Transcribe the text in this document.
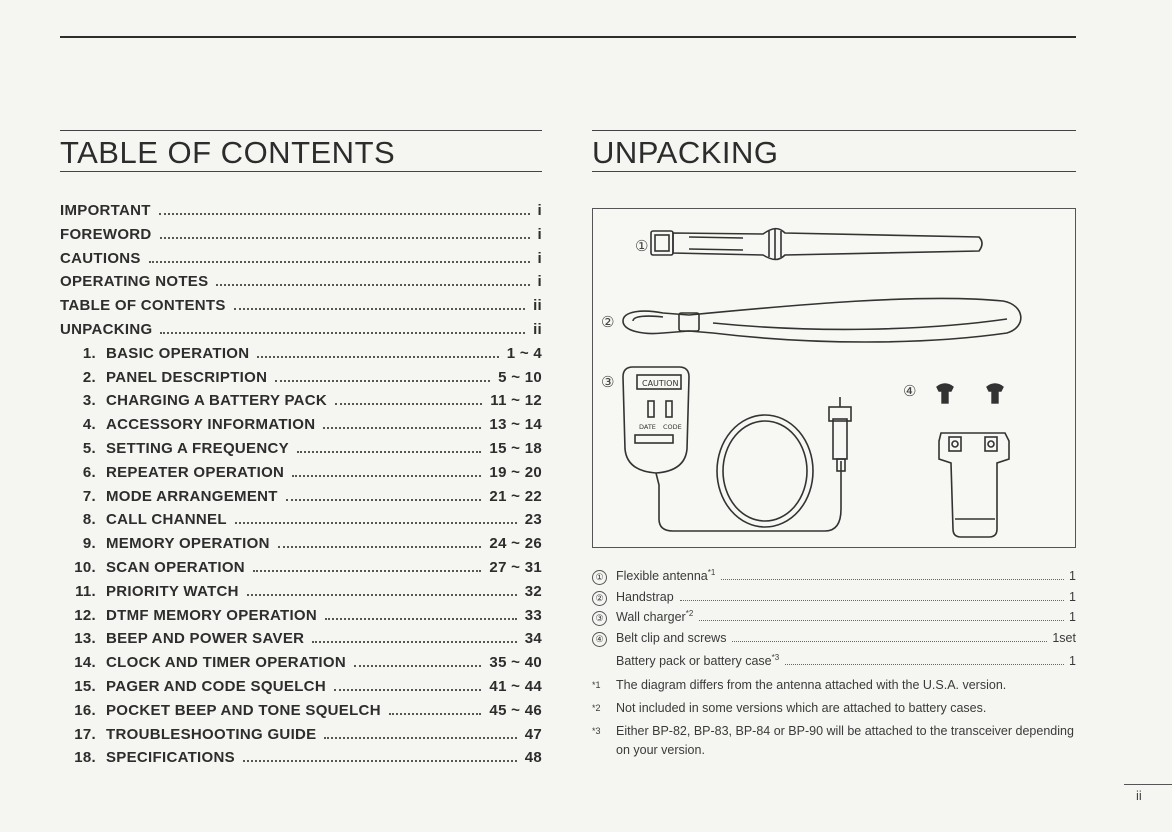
TABLE OF CONTENTS
IMPORTANT	i
FOREWORD	i
CAUTIONS	i
OPERATING NOTES	i
TABLE OF CONTENTS	ii
UNPACKING	ii
1. BASIC OPERATION	1 ~ 4
2. PANEL DESCRIPTION	5 ~ 10
3. CHARGING A BATTERY PACK	11 ~ 12
4. ACCESSORY INFORMATION	13 ~ 14
5. SETTING A FREQUENCY	15 ~ 18
6. REPEATER OPERATION	19 ~ 20
7. MODE ARRANGEMENT	21 ~ 22
8. CALL CHANNEL	23
9. MEMORY OPERATION	24 ~ 26
10. SCAN OPERATION	27 ~ 31
11. PRIORITY WATCH	32
12. DTMF MEMORY OPERATION	33
13. BEEP AND POWER SAVER	34
14. CLOCK AND TIMER OPERATION	35 ~ 40
15. PAGER AND CODE SQUELCH	41 ~ 44
16. POCKET BEEP AND TONE SQUELCH	45 ~ 46
17. TROUBLESHOOTING GUIDE	47
18. SPECIFICATIONS	48
UNPACKING
①
②
③	CAUTION
DATE CODE
④
① Flexible antenna$^{*1}$	1
② Handstrap	1
③ Wall charger$^{*2}$	1
④ Belt clip and screws	1set
Battery pack or battery case$^{*3}$	1
*1	The diagram differs from the antenna attached with the U.S.A. version.
*2	Not included in some versions which are attached to battery cases.
*3	Either BP-82, BP-83, BP-84 or BP-90 will be attached to the transceiver depending on your version.
ii
